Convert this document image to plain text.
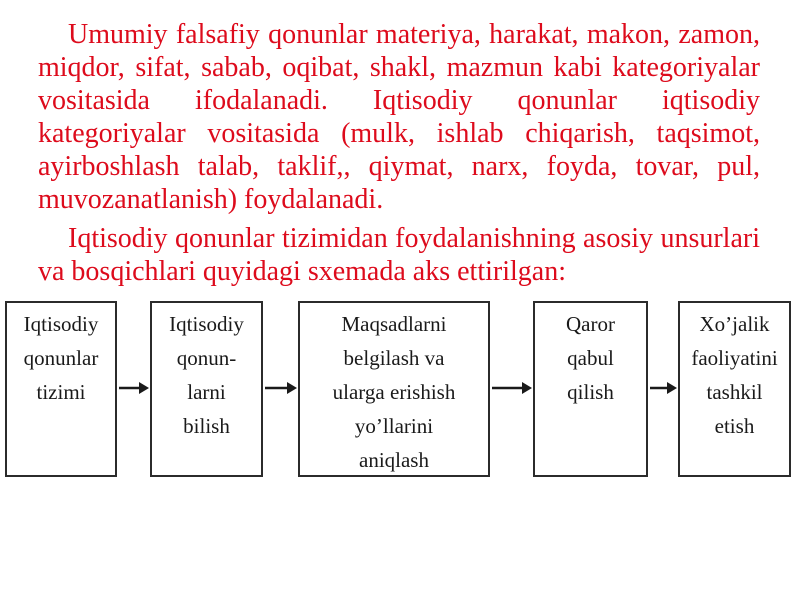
Umumiy falsafiy qonunlar materiya, harakat, makon, zamon, miqdor, sifat, sabab, oqibat, shakl, mazmun kabi kategoriyalar vositasida ifodalanadi. Iqtisodiy qonunlar iqtisodiy kategoriyalar vositasida (mulk, ishlab chiqarish, taqsimot, ayirboshlash talab, taklif,, qiymat, narx, foyda, tovar, pul, muvozanatlanish) foydalanadi.

Iqtisodiy qonunlar tizimidan foydalanishning asosiy unsurlari va bosqichlari quyidagi sxemada aks ettirilgan:

Iqtisodiy
qonunlar
tizimi
Iqtisodiy
qonun-
larni
bilish
Maqsadlarni
belgilash va
ularga erishish
yo’llarini
aniqlash
Qaror
qabul
qilish
Xo’jalik
faoliyatini
tashkil
etish
